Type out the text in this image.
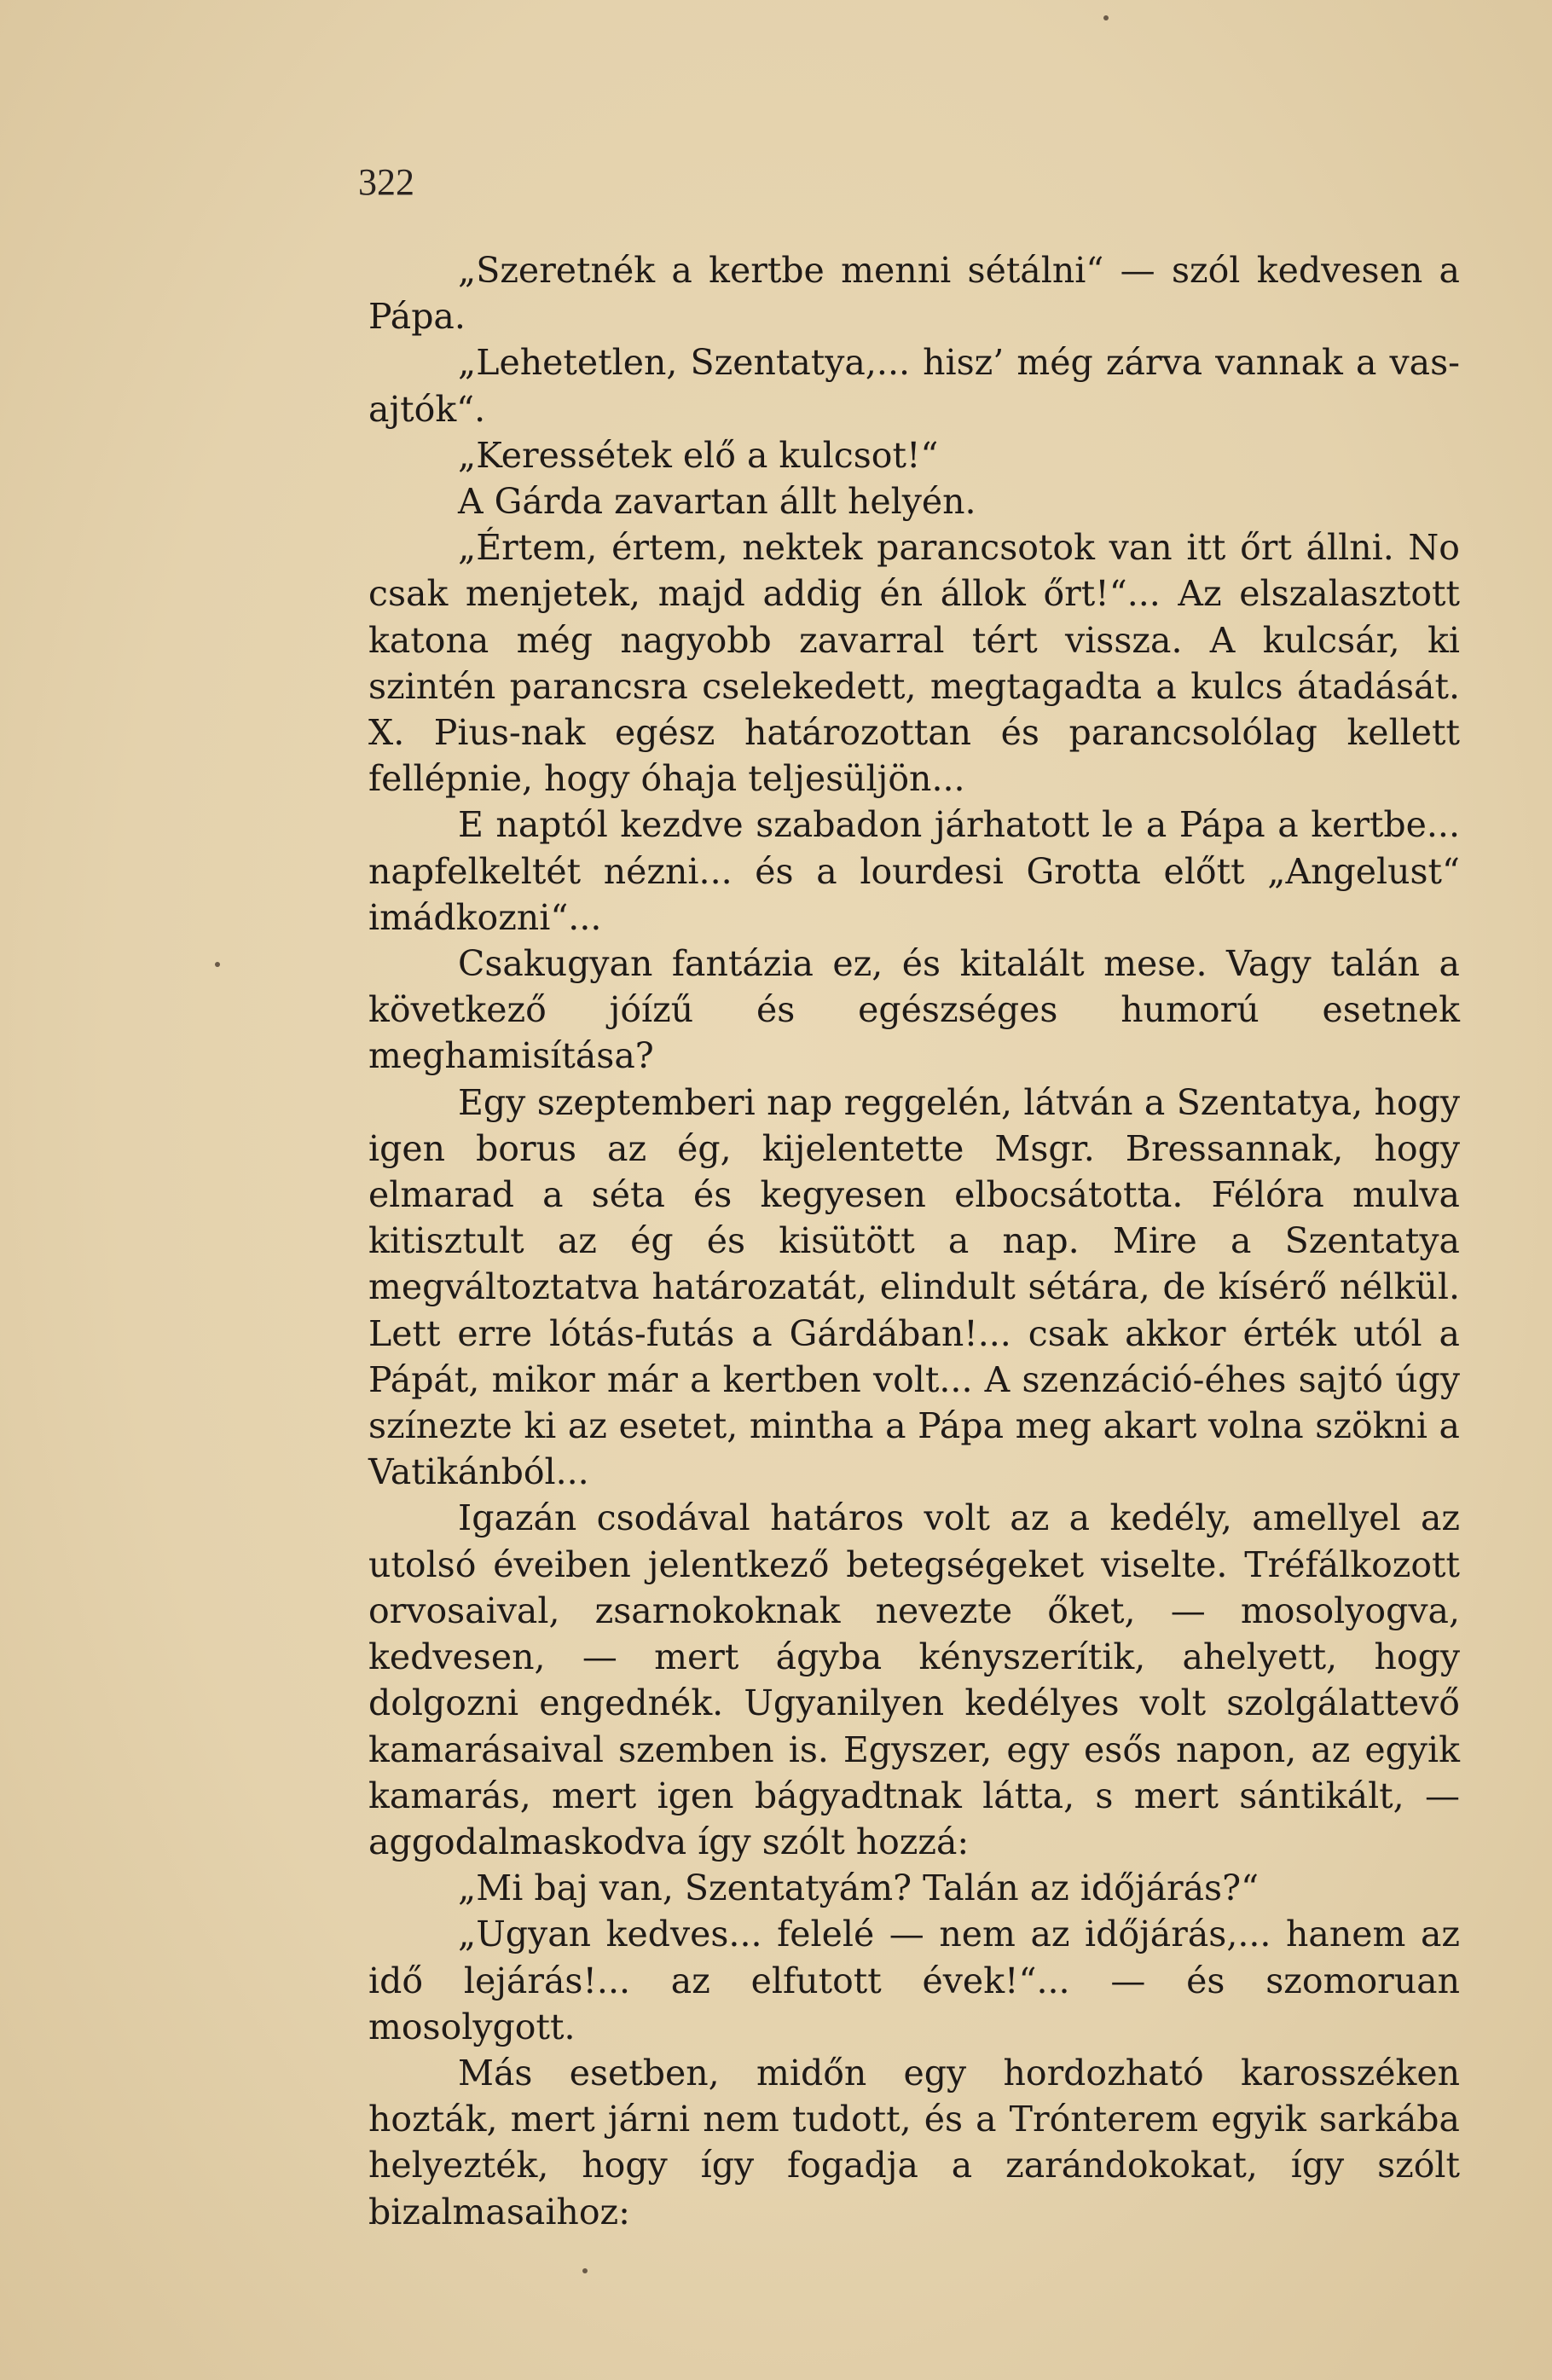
322

„Szeretnék a kertbe menni sétálni“ — szól kedvesen a Pápa.

„Lehetetlen, Szentatya,... hisz’ még zárva vannak a vas-ajtók“.

„Keressétek elő a kulcsot!“

A Gárda zavartan állt helyén.

„Értem, értem, nektek parancsotok van itt őrt állni. No csak menjetek, majd addig én állok őrt!“... Az elszalasztott katona még nagyobb zavarral tért vissza. A kulcsár, ki szintén parancsra cselekedett, megtagadta a kulcs átadását. X. Pius-nak egész határozottan és parancsolólag kellett fellépnie, hogy óhaja teljesüljön...

E naptól kezdve szabadon járhatott le a Pápa a kertbe... napfelkeltét nézni... és a lourdesi Grotta előtt „Angelust“ imádkozni“...

Csakugyan fantázia ez, és kitalált mese. Vagy talán a következő jóízű és egészséges humorú esetnek meghamisítása?

Egy szeptemberi nap reggelén, látván a Szentatya, hogy igen borus az ég, kijelentette Msgr. Bressannak, hogy elmarad a séta és kegyesen elbocsátotta. Félóra mulva kitisztult az ég és kisütött a nap. Mire a Szentatya megváltoztatva határozatát, elindult sétára, de kísérő nélkül. Lett erre lótás-futás a Gárdában!... csak akkor érték utól a Pápát, mikor már a kertben volt... A szenzáció-éhes sajtó úgy színezte ki az esetet, mintha a Pápa meg akart volna szökni a Vatikánból...

Igazán csodával határos volt az a kedély, amellyel az utolsó éveiben jelentkező betegségeket viselte. Tréfálkozott orvosaival, zsarnokoknak nevezte őket, — mosolyogva, kedvesen, — mert ágyba kényszerítik, ahelyett, hogy dolgozni engednék. Ugyanilyen kedélyes volt szolgálattevő kamarásaival szemben is. Egyszer, egy esős napon, az egyik kamarás, mert igen bágyadtnak látta, s mert sántikált, — aggodalmaskodva így szólt hozzá:

„Mi baj van, Szentatyám? Talán az időjárás?“

„Ugyan kedves... felelé — nem az időjárás,... hanem az idő lejárás!... az elfutott évek!“... — és szomoruan mosolygott.

Más esetben, midőn egy hordozható karosszéken hozták, mert járni nem tudott, és a Trónterem egyik sarkába helyezték, hogy így fogadja a zarándokokat, így szólt bizalmasaihoz:
